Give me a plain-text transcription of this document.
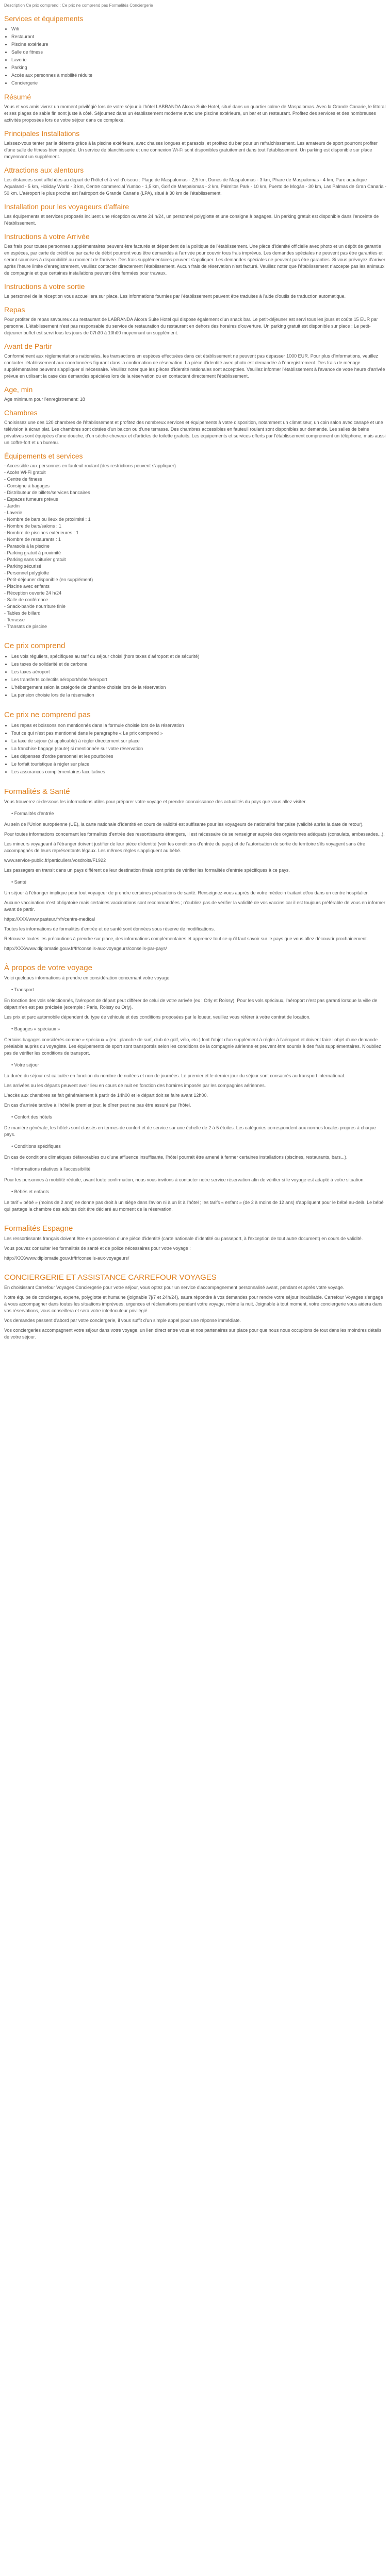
Description Ce prix comprend : Ce prix ne comprend pas Formalités Conciergerie
Services et équipements
• Wifi
• Restaurant
• Piscine extérieure
• Salle de fitness
• Laverie
• Parking
• Accès aux personnes à mobilité réduite
• Conciergerie
Résumé

Vous et vos amis vivrez un moment privilégié lors de votre séjour à l'hôtel LABRANDA Alcora Suite Hotel, situé dans un quartier calme de Maspalomas. Avec la Grande Canarie, le littoral et ses plages de sable fin sont juste à côté. Séjournez dans un établissement moderne avec une piscine extérieure, un bar et un restaurant. Profitez des services et des nombreuses activités proposées lors de votre séjour dans ce complexe.

Principales Installations

Laissez-vous tenter par la détente grâce à la piscine extérieure, avec chaises longues et parasols, et profitez du bar pour un rafraîchissement. Les amateurs de sport pourront profiter d'une salle de fitness bien équipée. Un service de blanchisserie et une connexion Wi-Fi sont disponibles gratuitement dans tout l'établissement. Un parking est disponible sur place moyennant un supplément.

Attractions aux alentours

Les distances sont affichées au départ de l'hôtel et à vol d'oiseau : Plage de Maspalomas - 2,5 km, Dunes de Maspalomas - 3 km, Phare de Maspalomas - 4 km, Parc aquatique Aqualand - 5 km, Holiday World - 3 km, Centre commercial Yumbo - 1,5 km, Golf de Maspalomas - 2 km, Palmitos Park - 10 km, Puerto de Mogán - 30 km, Las Palmas de Gran Canaria - 50 km. L'aéroport le plus proche est l'aéroport de Grande Canarie (LPA), situé à 30 km de l'établissement.

Installation pour les voyageurs d'affaire

Les équipements et services proposés incluent une réception ouverte 24 h/24, un personnel polyglotte et une consigne à bagages. Un parking gratuit est disponible dans l'enceinte de l'établissement.

Instructions à votre Arrivée

Des frais pour toutes personnes supplémentaires peuvent être facturés et dépendent de la politique de l'établissement. Une pièce d'identité officielle avec photo et un dépôt de garantie en espèces, par carte de crédit ou par carte de débit pourront vous être demandés à l'arrivée pour couvrir tous frais imprévus. Les demandes spéciales ne peuvent pas être garanties et seront soumises à disponibilité au moment de l'arrivée. Des frais supplémentaires peuvent s'appliquer. Les demandes spéciales ne peuvent pas être garanties. Si vous prévoyez d'arriver après l'heure limite d'enregistrement, veuillez contacter directement l'établissement. Aucun frais de réservation n'est facturé. Veuillez noter que l'établissement n'accepte pas les animaux de compagnie et que certaines installations peuvent être fermées pour travaux.

Instructions à votre sortie

Le personnel de la réception vous accueillera sur place. Les informations fournies par l'établissement peuvent être traduites à l'aide d'outils de traduction automatique.

Repas

Pour profiter de repas savoureux au restaurant de LABRANDA Alcora Suite Hotel qui dispose également d'un snack bar. Le petit-déjeuner est servi tous les jours et coûte 15 EUR par personne. L'établissement n'est pas responsable du service de restauration du restaurant en dehors des horaires d'ouverture. Un parking gratuit est disponible sur place : Le petit-déjeuner buffet est servi tous les jours de 07h30 à 10h00 moyennant un supplément.

Avant de Partir

Conformément aux réglementations nationales, les transactions en espèces effectuées dans cet établissement ne peuvent pas dépasser 1000 EUR. Pour plus d'informations, veuillez contacter l'établissement aux coordonnées figurant dans la confirmation de réservation. La pièce d'identité avec photo est demandée à l'enregistrement. Des frais de ménage supplémentaires peuvent s'appliquer si nécessaire. Veuillez noter que les pièces d'identité nationales sont acceptées. Veuillez informer l'établissement à l'avance de votre heure d'arrivée prévue en utilisant la case des demandes spéciales lors de la réservation ou en contactant directement l'établissement.

Age, min

Age minimum pour l'enregistrement: 18

Chambres

Choisissez une des 120 chambres de l'établissement et profitez des nombreux services et équipements à votre disposition, notamment un climatiseur, un coin salon avec canapé et une télévision à écran plat. Les chambres sont dotées d'un balcon ou d'une terrasse. Des chambres accessibles en fauteuil roulant sont disponibles sur demande. Les salles de bains privatives sont équipées d'une douche, d'un sèche-cheveux et d'articles de toilette gratuits. Les équipements et services offerts par l'établissement comprennent un téléphone, mais aussi un coffre-fort et un bureau.

Équipements et services
- Accessible aux personnes en fauteuil roulant (des restrictions peuvent s'appliquer)
- Accès Wi-Fi gratuit
- Centre de fitness
- Consigne à bagages
- Distributeur de billets/services bancaires
- Espaces fumeurs prévus
- Jardin
- Laverie
- Nombre de bars ou lieux de proximité : 1
- Nombre de bars/salons : 1
- Nombre de piscines extérieures : 1
- Nombre de restaurants : 1
- Parasols à la piscine
- Parking gratuit à proximité
- Parking sans voiturier gratuit
- Parking sécurisé
- Personnel polyglotte
- Petit-déjeuner disponible (en supplément)
- Piscine avec enfants
- Réception ouverte 24 h/24
- Salle de conférence
- Snack-bar/de nourriture finie
- Tables de billard
- Terrasse
- Transats de piscine
Ce prix comprend
• Les vols réguliers, spécifiques au tarif du séjour choisi (hors taxes d'aéroport et de sécurité)
• Les taxes de solidarité et de carbone
• Les taxes aéroport
• Les transferts collectifs aéroport/hôtel/aéroport
• L'hébergement selon la catégorie de chambre choisie lors de la réservation
• La pension choisie lors de la réservation
Ce prix ne comprend pas
• Les repas et boissons non mentionnés dans la formule choisie lors de la réservation
• Tout ce qui n'est pas mentionné dans le paragraphe « Le prix comprend »
• La taxe de séjour (si applicable) à régler directement sur place
• La franchise bagage (soute) si mentionnée sur votre réservation
• Les dépenses d'ordre personnel et les pourboires
• Le forfait touristique à régler sur place
• Les assurances complémentaires facultatives
Formalités & Santé

Vous trouverez ci-dessous les informations utiles pour préparer votre voyage et prendre connaissance des actualités du pays que vous allez visiter.

• Formalités d'entrée

Au sein de l'Union européenne (UE), la carte nationale d'identité en cours de validité est suffisante pour les voyageurs de nationalité française (validité après la date de retour).

Pour toutes informations concernant les formalités d'entrée des ressortissants étrangers, il est nécessaire de se renseigner auprès des organismes adéquats (consulats, ambassades...).

Les mineurs voyageant à l'étranger doivent justifier de leur pièce d'identité (voir les conditions d'entrée du pays) et de l'autorisation de sortie du territoire s'ils voyagent sans être accompagnés de leurs représentants légaux. Les mêmes règles s'appliquent au bébé.

www.service-public.fr/particuliers/vosdroits/F1922

Les passagers en transit dans un pays différent de leur destination finale sont priés de vérifier les formalités d'entrée spécifiques à ce pays.

• Santé

Un séjour à l'étranger implique pour tout voyageur de prendre certaines précautions de santé. Renseignez-vous auprès de votre médecin traitant et/ou dans un centre hospitalier.

Aucune vaccination n'est obligatoire mais certaines vaccinations sont recommandées ; n'oubliez pas de vérifier la validité de vos vaccins car il est toujours préférable de vous en informer avant de partir.

https://XXX/www.pasteur.fr/fr/centre-medical

Toutes les informations de formalités d'entrée et de santé sont données sous réserve de modifications.

Retrouvez toutes les précautions à prendre sur place, des informations complémentaires et apprenez tout ce qu'il faut savoir sur le pays que vous allez découvrir prochainement.

http://XXX/www.diplomatie.gouv.fr/fr/conseils-aux-voyageurs/conseils-par-pays/

À propos de votre voyage

Voici quelques informations à prendre en considération concernant votre voyage.

• Transport

En fonction des vols sélectionnés, l'aéroport de départ peut différer de celui de votre arrivée (ex : Orly et Roissy). Pour les vols spéciaux, l'aéroport n'est pas garanti lorsque la ville de départ n'en est pas précisée (exemple : Paris, Roissy ou Orly).

Les prix et parc automobile dépendent du type de véhicule et des conditions proposées par le loueur, veuillez vous référer à votre contrat de location.

• Bagages « spéciaux »

Certains bagages considérés comme « spéciaux » (ex : planche de surf, club de golf, vélo, etc.) font l'objet d'un supplément à régler à l'aéroport et doivent faire l'objet d'une demande préalable auprès du voyagiste. Les équipements de sport sont transportés selon les conditions de la compagnie aérienne et peuvent être soumis à des frais supplémentaires. N'oubliez pas de vérifier les conditions de transport.

• Votre séjour

La durée du séjour est calculée en fonction du nombre de nuitées et non de journées. Le premier et le dernier jour du séjour sont consacrés au transport international.

Les arrivées ou les départs peuvent avoir lieu en cours de nuit en fonction des horaires imposés par les compagnies aériennes.

L'accès aux chambres se fait généralement à partir de 14h00 et le départ doit se faire avant 12h00.

En cas d'arrivée tardive à l'hôtel le premier jour, le dîner peut ne pas être assuré par l'hôtel.

• Confort des hôtels

De manière générale, les hôtels sont classés en termes de confort et de service sur une échelle de 2 à 5 étoiles. Les catégories correspondent aux normes locales propres à chaque pays.

• Conditions spécifiques

En cas de conditions climatiques défavorables ou d'une affluence insuffisante, l'hôtel pourrait être amené à fermer certaines installations (piscines, restaurants, bars...).

• Informations relatives à l'accessibilité

Pour les personnes à mobilité réduite, avant toute confirmation, nous vous invitons à contacter notre service réservation afin de vérifier si le voyage est adapté à votre situation.

• Bébés et enfants

Le tarif « bébé » (moins de 2 ans) ne donne pas droit à un siège dans l'avion ni à un lit à l'hôtel ; les tarifs « enfant » (de 2 à moins de 12 ans) s'appliquent pour le bébé au-delà. Le bébé qui partage la chambre des adultes doit être déclaré au moment de la réservation.

Formalités Espagne

Les ressortissants français doivent être en possession d'une pièce d'identité (carte nationale d'identité ou passeport, à l'exception de tout autre document) en cours de validité.

Vous pouvez consulter les formalités de santé et de police nécessaires pour votre voyage :

http://XXX/www.diplomatie.gouv.fr/fr/conseils-aux-voyageurs/

CONCIERGERIE ET ASSISTANCE CARREFOUR VOYAGES

En choisissant Carrefour Voyages Conciergerie pour votre séjour, vous optez pour un service d'accompagnement personnalisé avant, pendant et après votre voyage.

Notre équipe de concierges, experte, polyglotte et humaine (joignable 7j/7 et 24h/24), saura répondre à vos demandes pour rendre votre séjour inoubliable. Carrefour Voyages s'engage à vous accompagner dans toutes les situations imprévues, urgences et réclamations pendant votre voyage, même la nuit. Joignable à tout moment, votre conciergerie vous aidera dans vos réservations, vous conseillera et sera votre interlocuteur privilégié.

Vos demandes passent d'abord par votre conciergerie, il vous suffit d'un simple appel pour une réponse immédiate.

Vos conciergeries accompagnent votre séjour dans votre voyage, un lien direct entre vous et nos partenaires sur place pour que nous nous occupions de tout dans les moindres détails de votre séjour.
